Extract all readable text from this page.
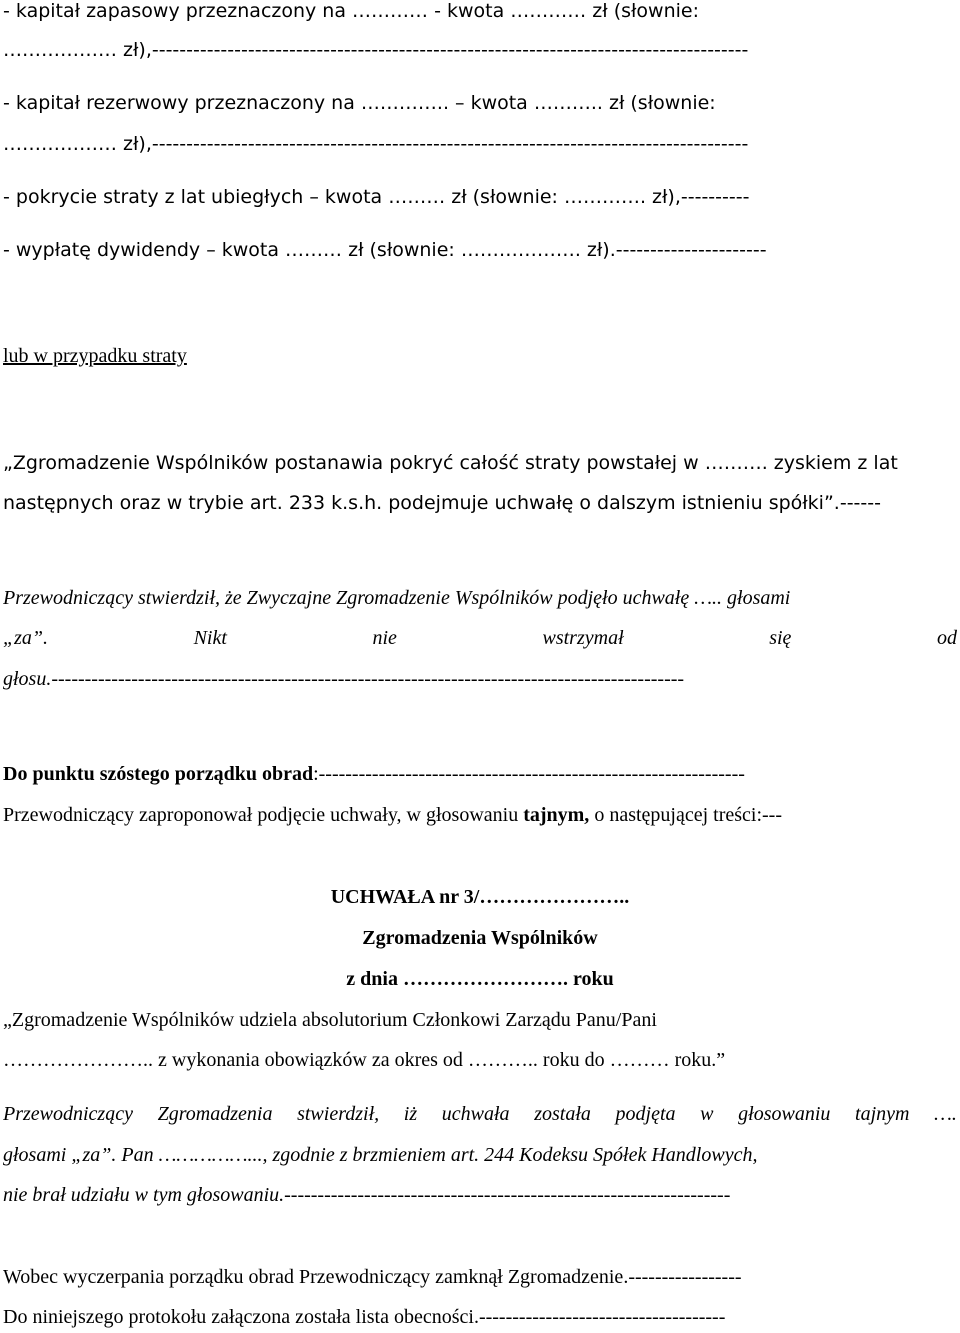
- kapitał zapasowy przeznaczony na ………… - kwota ………… zł (słownie:
……………… zł),---------------------------------------------------------------------------------------
- kapitał rezerwowy przeznaczony na ………….. – kwota ……….. zł (słownie:
……………… zł),---------------------------------------------------------------------------------------
- pokrycie straty z lat ubiegłych – kwota ……… zł (słownie: …………. zł),----------
- wypłatę dywidendy – kwota ……… zł (słownie: ………………. zł).----------------------
lub w przypadku straty
„Zgromadzenie Wspólników postanawia pokryć całość straty powstałej w ………. zyskiem z lat
następnych oraz w trybie art. 233 k.s.h. podejmuje uchwałę o dalszym istnieniu spółki”.------
Przewodniczący stwierdził, że Zwyczajne Zgromadzenie Wspólników podjęło uchwałę ….. głosami
„za”.	Nikt	nie	wstrzymał	się	od
głosu.-----------------------------------------------------------------------------------------------
Do punktu szóstego porządku obrad:----------------------------------------------------------------
Przewodniczący zaproponował podjęcie uchwały, w głosowaniu tajnym, o następującej treści:---
UCHWAŁA nr 3/…………………..
Zgromadzenia Wspólników
z dnia ……………………. roku
„Zgromadzenie Wspólników udziela absolutorium Członkowi Zarządu Panu/Pani
………………….. z wykonania obowiązków za okres od ……….. roku do ……… roku.”
Przewodniczący Zgromadzenia stwierdził, iż uchwała została podjęta w głosowaniu tajnym ….
głosami „za”. Pan ……………..., zgodnie z brzmieniem art. 244 Kodeksu Spółek Handlowych,
nie brał udziału w tym głosowaniu.-------------------------------------------------------------------
Wobec wyczerpania porządku obrad Przewodniczący zamknął Zgromadzenie.-----------------
Do niniejszego protokołu załączona została lista obecności.-------------------------------------
